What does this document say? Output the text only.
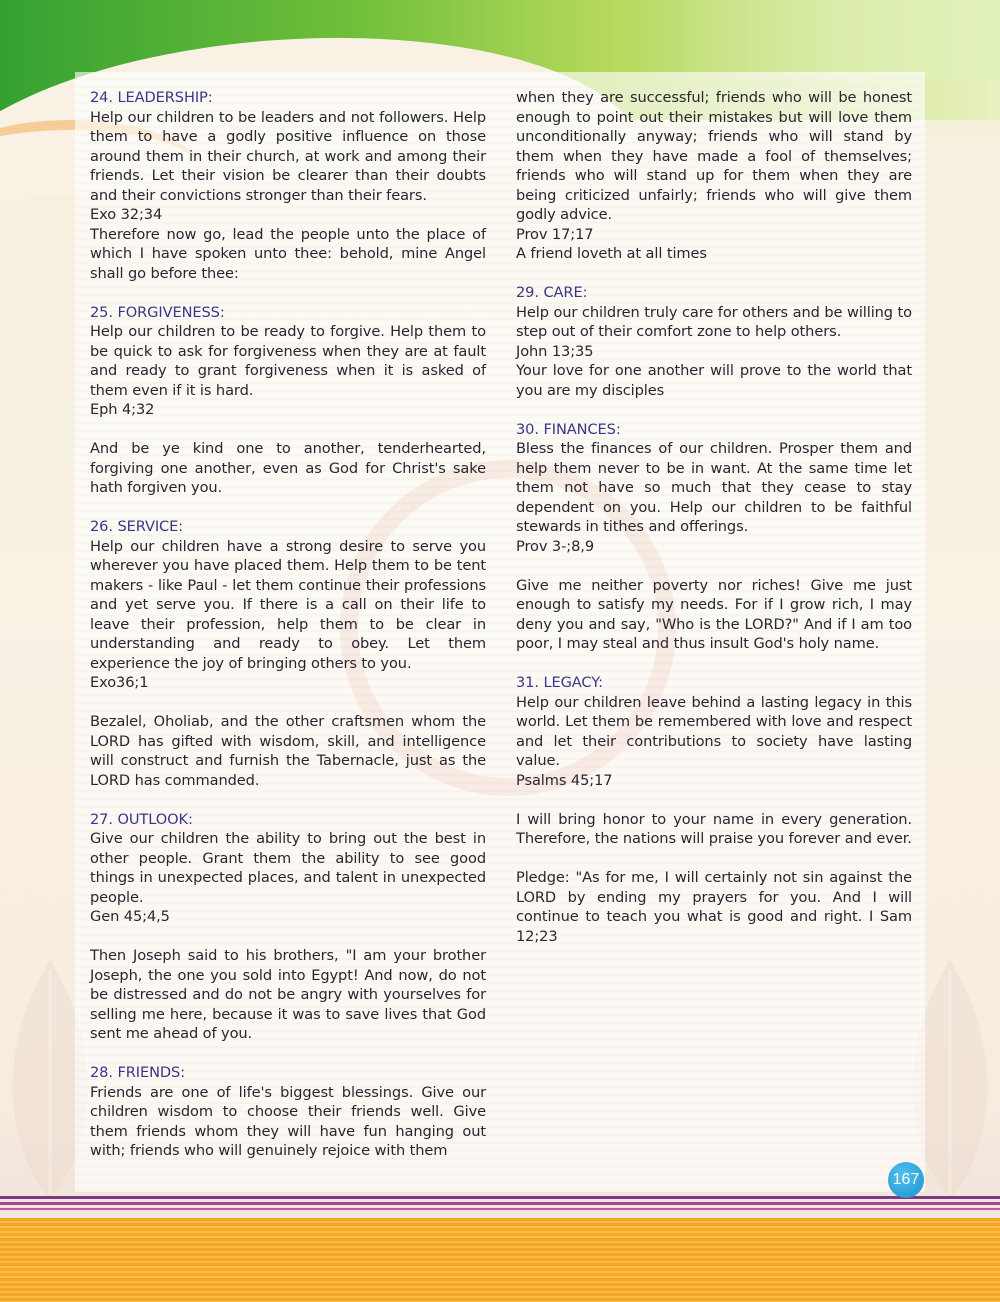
24. LEADERSHIP:

Help our children to be leaders and not followers. Help them to have a godly positive influence on those around them in their church, at work and among their friends. Let their vision be clearer than their doubts and their convictions stronger than their fears.

Exo 32;34

Therefore now go, lead the people unto the place of which I have spoken unto thee: behold, mine Angel shall go before thee:

25. FORGIVENESS:

Help our children to be ready to forgive. Help them to be quick to ask for forgiveness when they are at fault and ready to grant forgiveness when it is asked of them even if it is hard.

Eph 4;32

And be ye kind one to another, tenderhearted, forgiving one another, even as God for Christ's sake hath forgiven you.

26. SERVICE:

Help our children have a strong desire to serve you wherever you have placed them. Help them to be tent makers - like Paul - let them continue their professions and yet serve you. If there is a call on their life to leave their profession, help them to be clear in understanding and ready to obey. Let them experience the joy of bringing others to you.

Exo36;1

Bezalel, Oholiab, and the other craftsmen whom the LORD has gifted with wisdom, skill, and intelligence will construct and furnish the Tabernacle, just as the LORD has commanded.

27. OUTLOOK:

Give our children the ability to bring out the best in other people. Grant them the ability to see good things in unexpected places, and talent in unexpected people.

Gen 45;4,5

Then Joseph said to his brothers, "I am your brother Joseph, the one you sold into Egypt! And now, do not be distressed and do not be angry with yourselves for selling me here, because it was to save lives that God sent me ahead of you.

28. FRIENDS:

Friends are one of life's biggest blessings. Give our children wisdom to choose their friends well. Give them friends whom they will have fun hanging out with; friends who will genuinely rejoice with them

when they are successful; friends who will be honest enough to point out their mistakes but will love them unconditionally anyway; friends who will stand by them when they have made a fool of themselves; friends who will stand up for them when they are being criticized unfairly; friends who will give them godly advice.

Prov 17;17

A friend loveth at all times

29. CARE:

Help our children truly care for others and be willing to step out of their comfort zone to help others.

John 13;35

Your love for one another will prove to the world that you are my disciples

30. FINANCES:

Bless the finances of our children. Prosper them and help them never to be in want. At the same time let them not have so much that they cease to stay dependent on you. Help our children to be faithful stewards in tithes and offerings.

Prov 3-;8,9

Give me neither poverty nor riches! Give me just enough to satisfy my needs. For if I grow rich, I may deny you and say, "Who is the LORD?" And if I am too poor, I may steal and thus insult God's holy name.

31. LEGACY:

Help our children leave behind a lasting legacy in this world. Let them be remembered with love and respect and let their contributions to society have lasting value.

Psalms 45;17

I will bring honor to your name in every generation. Therefore, the nations will praise you forever and ever.

Pledge: "As for me, I will certainly not sin against the LORD by ending my prayers for you. And I will continue to teach you what is good and right. I Sam 12;23

167
